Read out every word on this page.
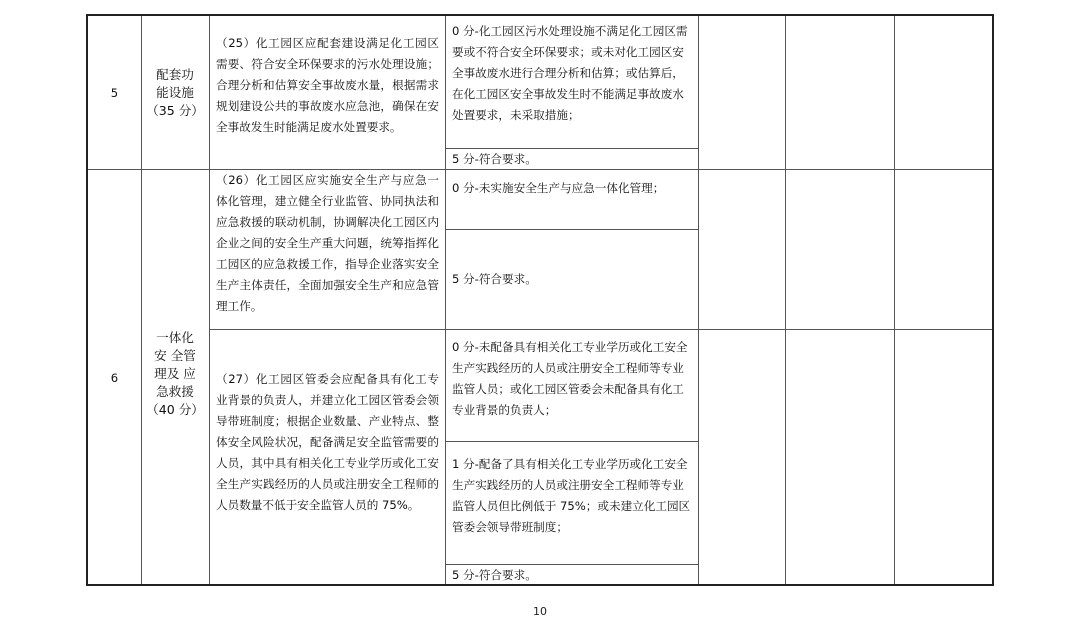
5
配套功
能设施
（35 分）
（25）化工园区应配套建设满足化工园区需要、符合安全环保要求的污水处理设施；合理分析和估算安全事故废水量，根据需求规划建设公共的事故废水应急池，确保在安全事故发生时能满足废水处置要求。
0 分-化工园区污水处理设施不满足化工园区需要或不符合安全环保要求；或未对化工园区安全事故废水进行合理分析和估算；或估算后，在化工园区安全事故发生时不能满足事故废水处置要求，未采取措施；
5 分-符合要求。
6
一体化
安 全管
理及 应
急救援
（40 分）
（26）化工园区应实施安全生产与应急一体化管理，建立健全行业监管、协同执法和应急救援的联动机制，协调解决化工园区内企业之间的安全生产重大问题，统筹指挥化工园区的应急救援工作，指导企业落实安全生产主体责任，全面加强安全生产和应急管理工作。
0 分-未实施安全生产与应急一体化管理；
5 分-符合要求。
（27）化工园区管委会应配备具有化工专业背景的负责人，并建立化工园区管委会领导带班制度；根据企业数量、产业特点、整体安全风险状况，配备满足安全监管需要的人员，其中具有相关化工专业学历或化工安全生产实践经历的人员或注册安全工程师的人员数量不低于安全监管人员的 75%。
0 分-未配备具有相关化工专业学历或化工安全生产实践经历的人员或注册安全工程师等专业监管人员；或化工园区管委会未配备具有化工专业背景的负责人；
1 分-配备了具有相关化工专业学历或化工安全生产实践经历的人员或注册安全工程师等专业监管人员但比例低于 75%；或未建立化工园区管委会领导带班制度；
5 分-符合要求。
10
